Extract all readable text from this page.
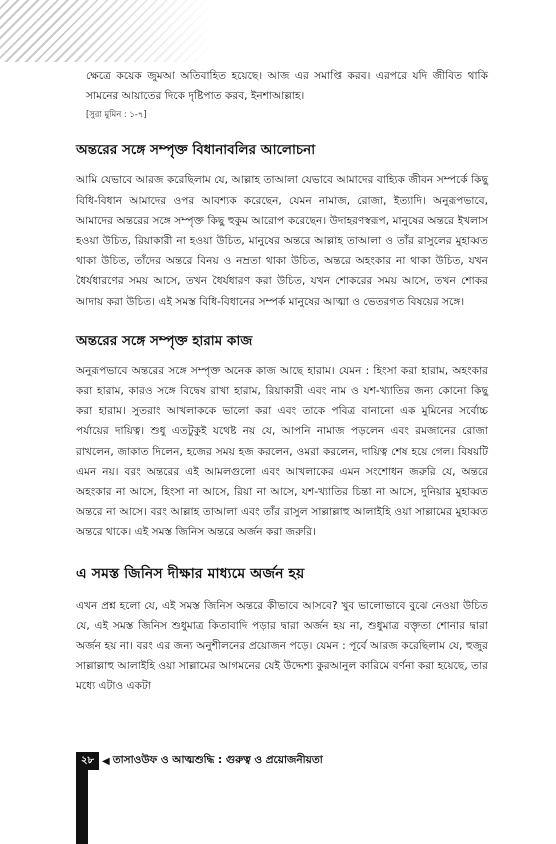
ক্ষেত্রে কয়েক জুমআ অতিবাহিত হয়েছে। আজ এর সমাপ্তি করব। এরপরে যদি জীবিত থাকি সামনের আয়াতের দিকে দৃষ্টিপাত করব, ইনশাআল্লাহ।

[সুরা মুমিন : ১-৭]

অন্তরের সঙ্গে সম্পৃক্ত বিধানাবলির আলোচনা

আমি যেভাবে আরজ করেছিলাম যে, আল্লাহ তাআলা যেভাবে আমাদের বাহ্যিক জীবন সম্পর্কে কিছু বিধি-বিধান আমাদের ওপর আবশ্যক করেছেন, যেমন নামাজ, রোজা, ইত্যাদি। অনুরূপভাবে, আমাদের অন্তরের সঙ্গে সম্পৃক্ত কিছু হুকুম আরোপ করেছেন। উদাহরণস্বরূপ, মানুষের অন্তরে ইখলাস হওয়া উচিত, রিয়াকারী না হওয়া উচিত, মানুষের অন্তরে আল্লাহ তাআলা ও তাঁর রাসুলের মুহাব্বত থাকা উচিত, তাঁদের অন্তরে বিনয় ও নম্রতা থাকা উচিত, অন্তরে অহংকার না থাকা উচিত, যখন ধৈর্যধারণের সময় আসে, তখন ধৈর্যধারণ করা উচিত, যখন শোকরের সময় আসে, তখন শোকর আদায় করা উচিত। এই সমস্ত বিধি-বিধানের সম্পর্ক মানুষের আত্মা ও ভেতরগত বিষয়ের সঙ্গে।

অন্তরের সঙ্গে সম্পৃক্ত হারাম কাজ

অনুরূপভাবে অন্তরের সঙ্গে সম্পৃক্ত অনেক কাজ আছে হারাম। যেমন : হিংসা করা হারাম, অহংকার করা হারাম, কারও সঙ্গে বিদ্বেষ রাখা হারাম, রিয়াকারী এবং নাম ও যশ-খ্যাতির জন্য কোনো কিছু করা হারাম। সুতরাং আখলাককে ভালো করা এবং তাকে পবিত্র বানানো এক মুমিনের সর্বোচ্চ পর্যায়ের দায়িত্ব। শুধু এতটুকুই যথেষ্ট নয় যে, আপনি নামাজ পড়লেন এবং রমজানের রোজা রাখলেন, জাকাত দিলেন, হজের সময় হজ করলেন, ওমরা করলেন, দায়িত্ব শেষ হয়ে গেল। বিষয়টি এমন নয়। বরং অন্তরের এই আমলগুলো এবং আখলাকের এমন সংশোধন জরুরি যে, অন্তরে অহংকার না আসে, হিংসা না আসে, রিয়া না আসে, যশ-খ্যাতির চিন্তা না আসে, দুনিয়ার মুহাব্বত অন্তরে না আসে। বরং আল্লাহ তাআলা এবং তাঁর রাসুল সাল্লাল্লাহু আলাইহি ওয়া সাল্লামের মুহাব্বত অন্তরে থাকে। এই সমস্ত জিনিস অন্তরে অর্জন করা জরুরি।

এ সমস্ত জিনিস দীক্ষার মাধ্যমে অর্জন হয়

এখন প্রশ্ন হলো যে, এই সমস্ত জিনিস অন্তরে কীভাবে আসবে? খুব ভালোভাবে বুঝে নেওয়া উচিত যে, এই সমস্ত জিনিস শুধুমাত্র কিতাবাদি পড়ার দ্বারা অর্জন হয় না, শুধুমাত্র বক্তৃতা শোনার দ্বারা অর্জন হয় না। বরং এর জন্য অনুশীলনের প্রয়োজন পড়ে। যেমন : পূর্বে আরজ করেছিলাম যে, হুজুর সাল্লাল্লাহু আলাইহি ওয়া সাল্লামের আগমনের যেই উদ্দেশ্য কুরআনুল কারিমে বর্ণনা করা হয়েছে, তার মধ্যে এটাও একটা

২৮ ◀ তাসাওউফ ও আত্মশুদ্ধি : গুরুত্ব ও প্রয়োজনীয়তা
